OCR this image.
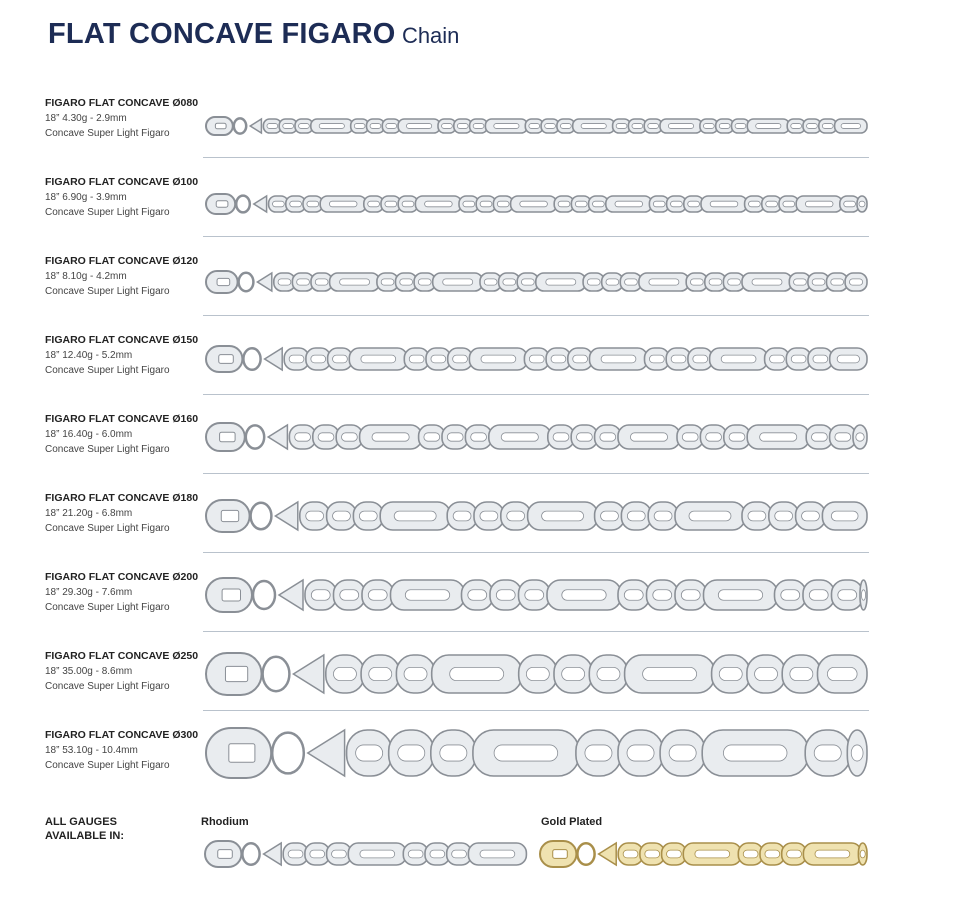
FLAT CONCAVE FIGARO Chain
FIGARO FLAT CONCAVE Ø080
18” 4.30g - 2.9mm
Concave Super Light Figaro
FIGARO FLAT CONCAVE Ø100
18” 6.90g - 3.9mm
Concave Super Light Figaro
FIGARO FLAT CONCAVE Ø120
18” 8.10g - 4.2mm
Concave Super Light Figaro
FIGARO FLAT CONCAVE Ø150
18” 12.40g - 5.2mm
Concave Super Light Figaro
FIGARO FLAT CONCAVE Ø160
18” 16.40g - 6.0mm
Concave Super Light Figaro
FIGARO FLAT CONCAVE Ø180
18” 21.20g - 6.8mm
Concave Super Light Figaro
FIGARO FLAT CONCAVE Ø200
18” 29.30g - 7.6mm
Concave Super Light Figaro
FIGARO FLAT CONCAVE Ø250
18” 35.00g - 8.6mm
Concave Super Light Figaro
FIGARO FLAT CONCAVE Ø300
18” 53.10g - 10.4mm
Concave Super Light Figaro
ALL GAUGES
AVAILABLE IN:
Rhodium	Gold Plated
